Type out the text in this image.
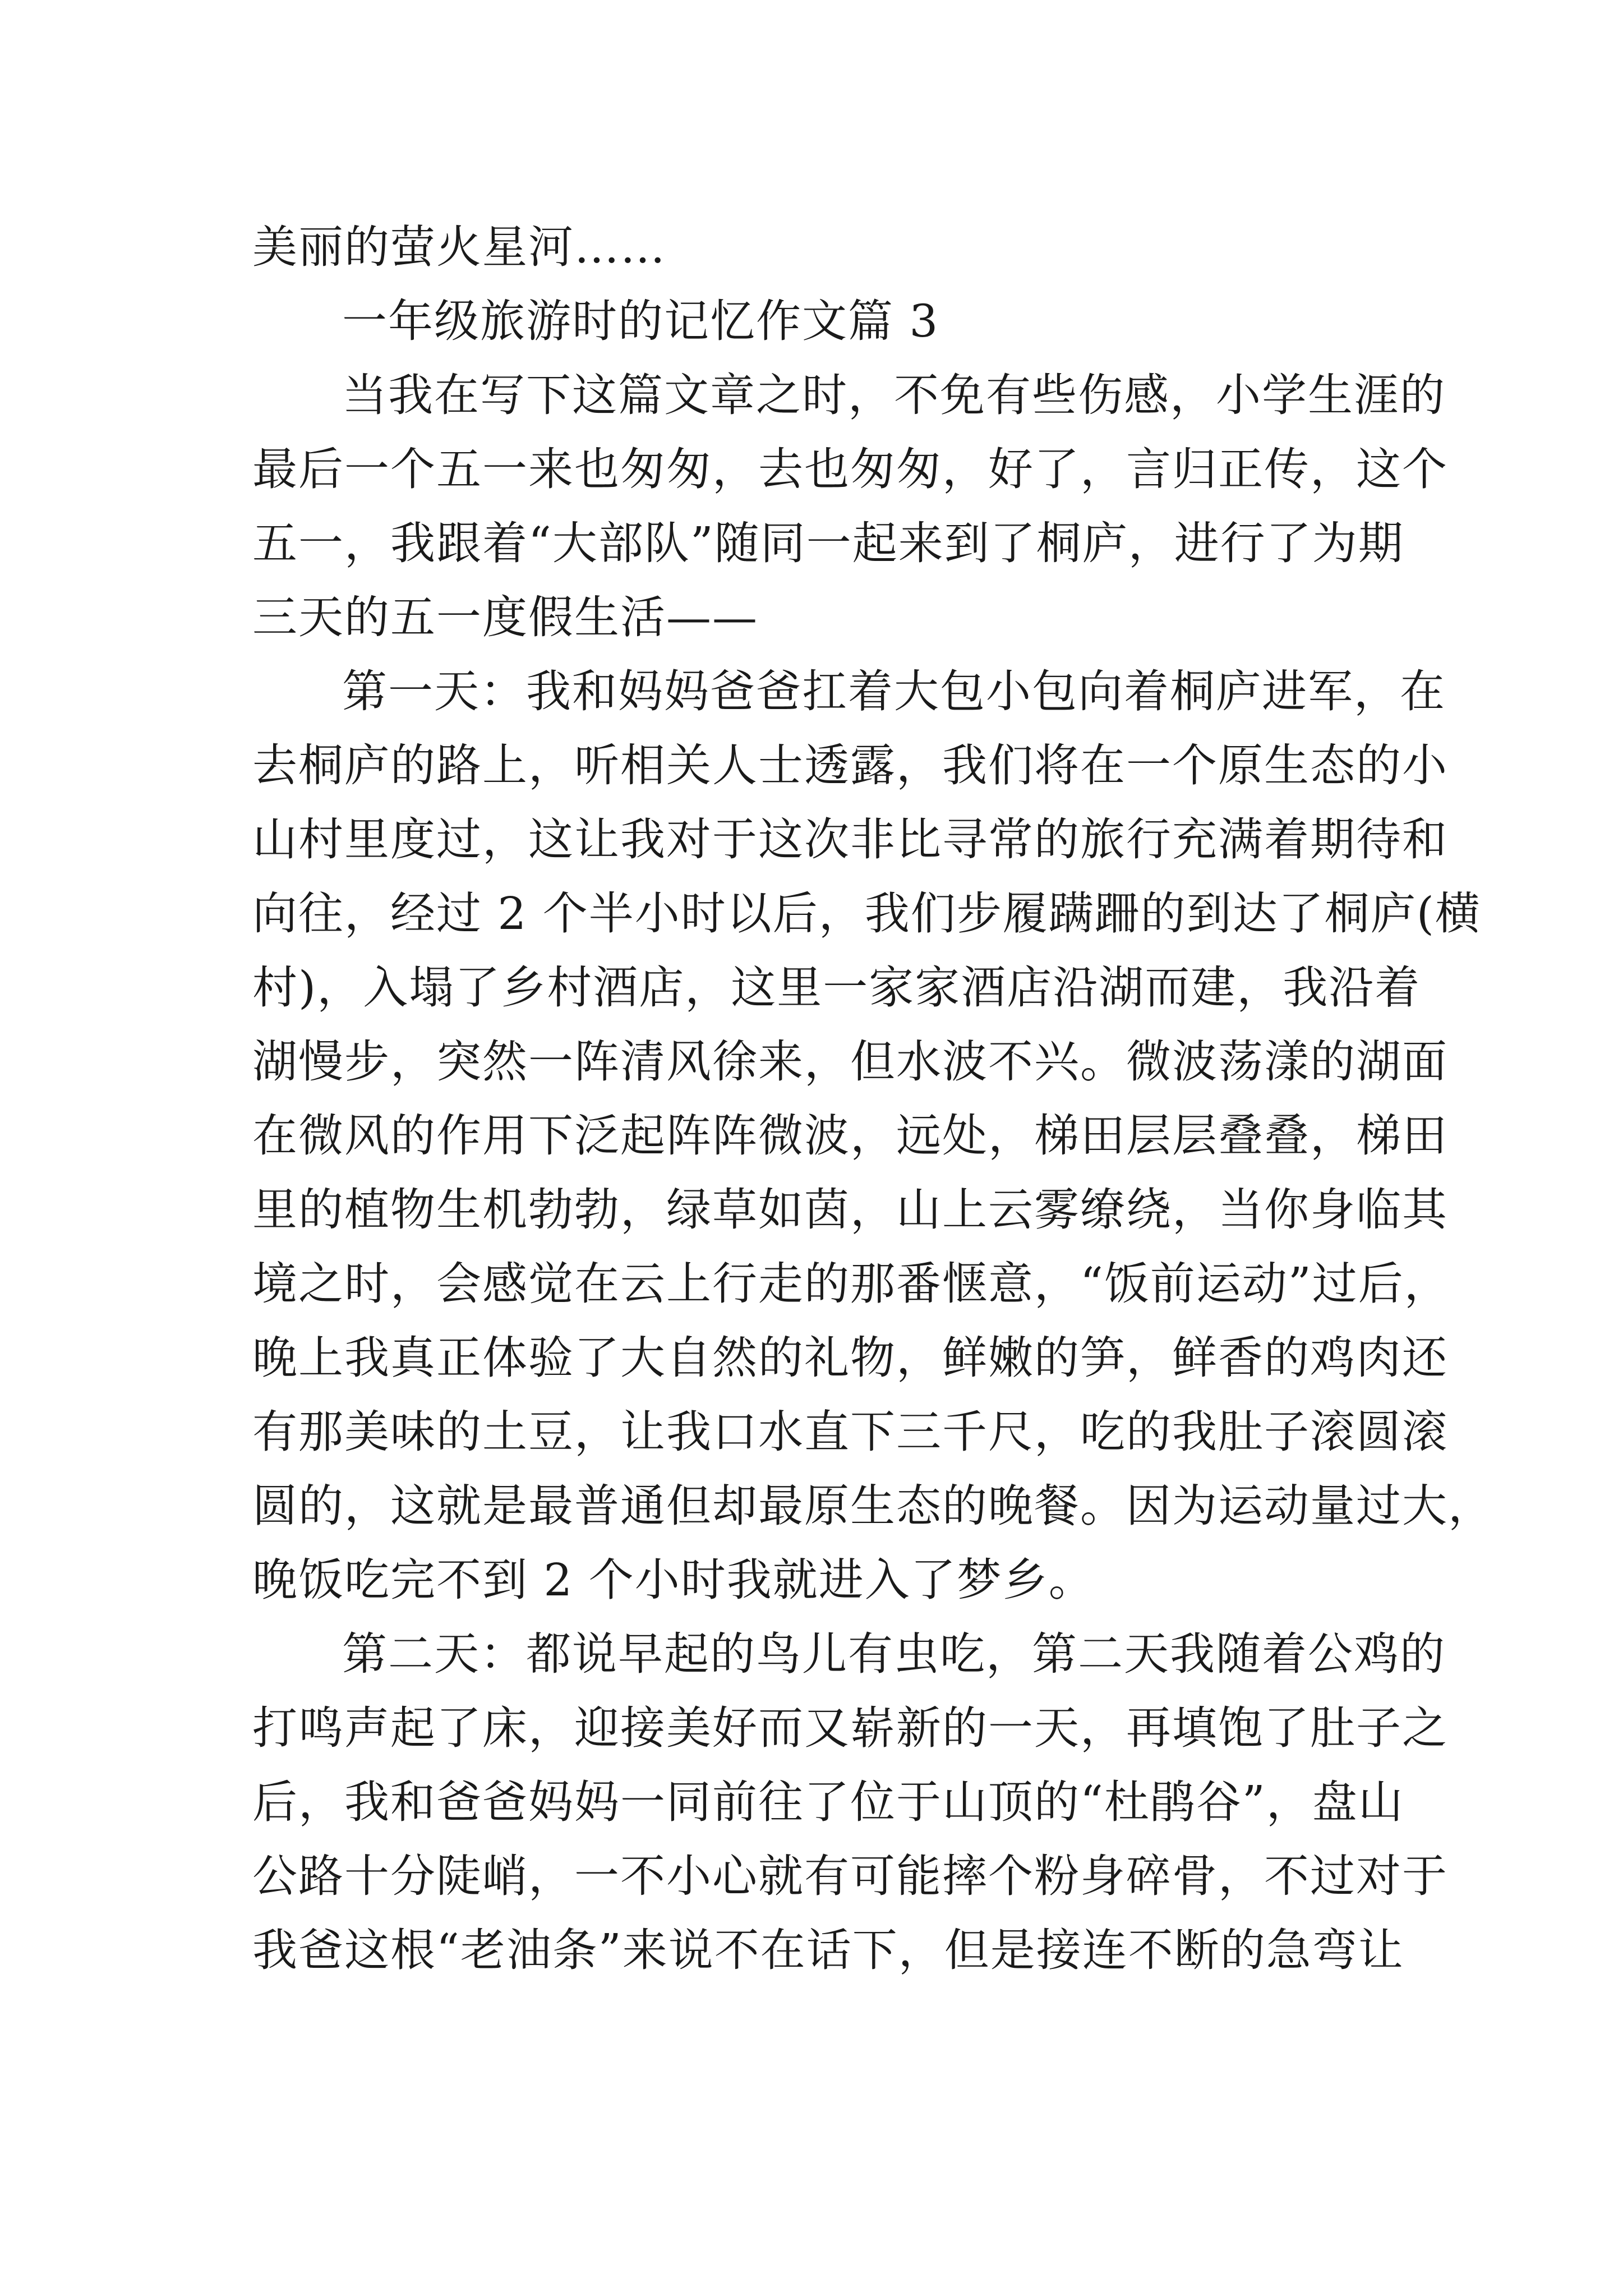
美丽的萤火星河……
一年级旅游时的记忆作文篇 3
当我在写下这篇文章之时，不免有些伤感，小学生涯的
最后一个五一来也匆匆，去也匆匆，好了，言归正传，这个
五一，我跟着“大部队”随同一起来到了桐庐，进行了为期
三天的五一度假生活——
第一天：我和妈妈爸爸扛着大包小包向着桐庐进军，在
去桐庐的路上，听相关人士透露，我们将在一个原生态的小
山村里度过，这让我对于这次非比寻常的旅行充满着期待和
向往，经过 2 个半小时以后，我们步履蹒跚的到达了桐庐(横
村)，入塌了乡村酒店，这里一家家酒店沿湖而建，我沿着
湖慢步，突然一阵清风徐来，但水波不兴。微波荡漾的湖面
在微风的作用下泛起阵阵微波，远处，梯田层层叠叠，梯田
里的植物生机勃勃，绿草如茵，山上云雾缭绕，当你身临其
境之时，会感觉在云上行走的那番惬意，“饭前运动”过后，
晚上我真正体验了大自然的礼物，鲜嫩的笋，鲜香的鸡肉还
有那美味的土豆，让我口水直下三千尺，吃的我肚子滚圆滚
圆的，这就是最普通但却最原生态的晚餐。因为运动量过大，
晚饭吃完不到 2 个小时我就进入了梦乡。
第二天：都说早起的鸟儿有虫吃，第二天我随着公鸡的
打鸣声起了床，迎接美好而又崭新的一天，再填饱了肚子之
后，我和爸爸妈妈一同前往了位于山顶的“杜鹃谷”，盘山
公路十分陡峭，一不小心就有可能摔个粉身碎骨，不过对于
我爸这根“老油条”来说不在话下，但是接连不断的急弯让
